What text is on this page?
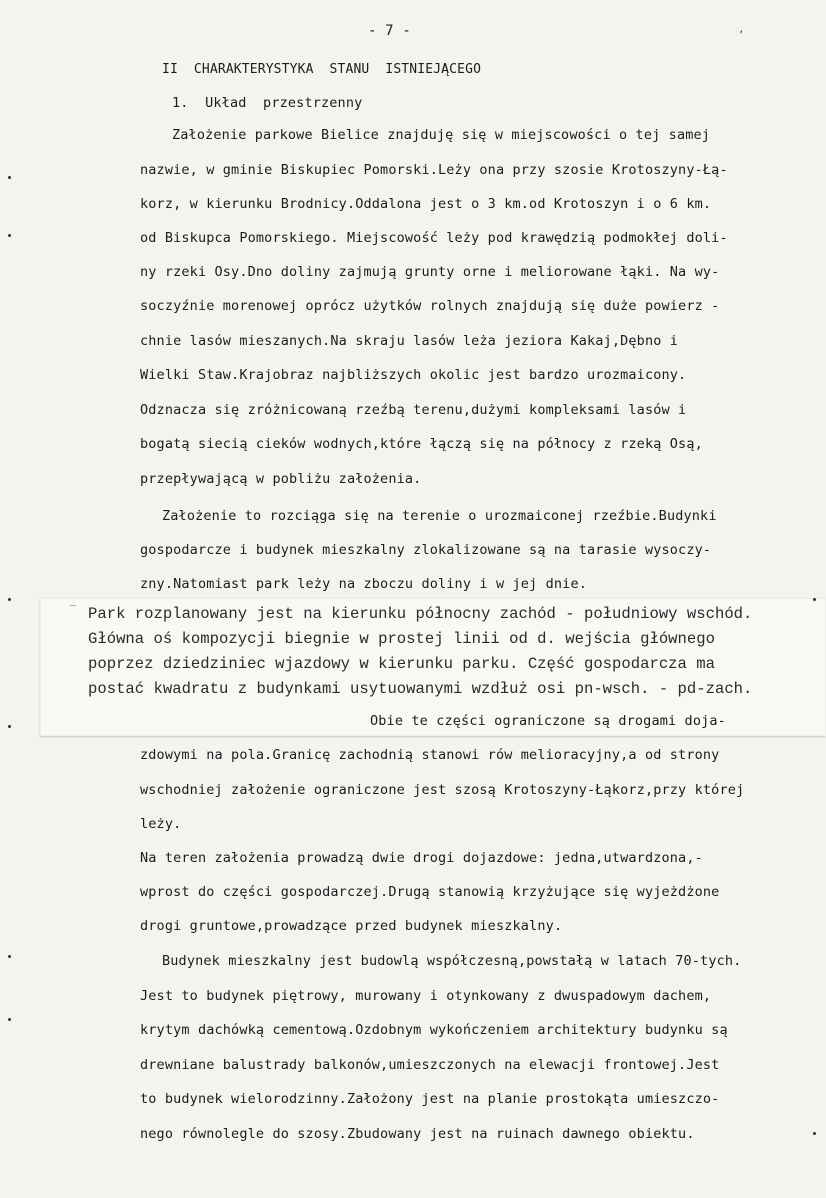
- 7 -	’
II  CHARAKTERYSTYKA  STANU  ISTNIEJĄCEGO
1.  Układ  przestrzenny
Założenie parkowe Bielice znajduję się w miejscowości o tej samej
nazwie, w gminie Biskupiec Pomorski.Leży ona przy szosie Krotoszyny-Łą-
korz, w kierunku Brodnicy.Oddalona jest o 3 km.od Krotoszyn i o 6 km.
od Biskupca Pomorskiego. Miejscowość leży pod krawędzią podmokłej doli-
ny rzeki Osy.Dno doliny zajmują grunty orne i meliorowane łąki. Na wy-
soczyźnie morenowej oprócz użytków rolnych znajdują się duże powierz -
chnie lasów mieszanych.Na skraju lasów leża jeziora Kakaj,Dębno i
Wielki Staw.Krajobraz najbliższych okolic jest bardzo urozmaicony.
Odznacza się zróżnicowaną rzeźbą terenu,dużymi kompleksami lasów i
bogatą siecią cieków wodnych,które łączą się na północy z rzeką Osą,
przepływającą w pobliżu założenia.
Założenie to rozciąga się na terenie o urozmaiconej rzeźbie.Budynki
gospodarcze i budynek mieszkalny zlokalizowane są na tarasie wysoczy-
zny.Natomiast park leży na zboczu doliny i w jej dnie.
— Park rozplanowany jest na kierunku północny zachód - południowy wschód.
Główna oś kompozycji biegnie w prostej linii od d. wejścia głównego
poprzez dziedziniec wjazdowy w kierunku parku. Część gospodarcza ma
postać kwadratu z budynkami usytuowanymi wzdłuż osi pn-wsch. - pd-zach.
Obie te części ograniczone są drogami doja-
zdowymi na pola.Granicę zachodnią stanowi rów melioracyjny,a od strony
wschodniej założenie ograniczone jest szosą Krotoszyny-Łąkorz,przy której
leży.
Na teren założenia prowadzą dwie drogi dojazdowe: jedna,utwardzona,-
wprost do części gospodarczej.Drugą stanowią krzyżujące się wyjeżdżone
drogi gruntowe,prowadzące przed budynek mieszkalny.
Budynek mieszkalny jest budowlą współczesną,powstałą w latach 70-tych.
Jest to budynek piętrowy, murowany i otynkowany z dwuspadowym dachem,
krytym dachówką cementową.Ozdobnym wykończeniem architektury budynku są
drewniane balustrady balkonów,umieszczonych na elewacji frontowej.Jest
to budynek wielorodzinny.Założony jest na planie prostokąta umieszczo-
nego równolegle do szosy.Zbudowany jest na ruinach dawnego obiektu.
